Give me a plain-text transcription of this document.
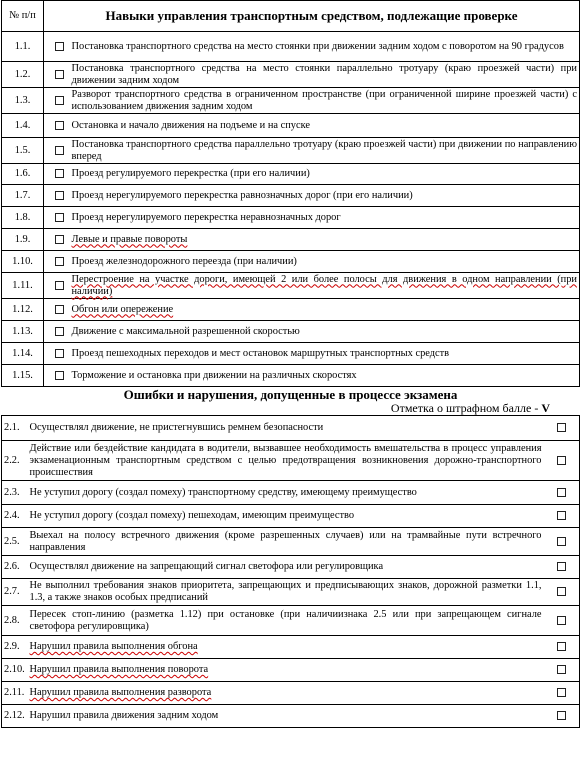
№ п/п	Навыки управления транспортным средством, подлежащие проверке	
1.1.		Постановка транспортного средства на место стоянки при движении задним ходом с поворотом на 90 градусов
1.2.		Постановка транспортного средства на место стоянки параллельно тротуару (краю проезжей части) при движении задним ходом
1.3.		Разворот транспортного средства в ограниченном пространстве (при ограниченной ширине проезжей части) с использованием движения задним ходом
1.4.		Остановка и начало движения на подъеме и на спуске
1.5.		Постановка транспортного средства параллельно тротуару (краю проезжей части) при движении по направлению вперед
1.6.		Проезд регулируемого перекрестка (при его наличии)
1.7.		Проезд нерегулируемого перекрестка равнозначных дорог (при его наличии)
1.8.		Проезд нерегулируемого перекрестка неравнозначных дорог
1.9.		Левые и правые повороты
1.10.		Проезд железнодорожного переезда (при наличии)
1.11.		Перестроение на участке дороги, имеющей 2 или более полосы для движения в одном направлении (при наличии)
1.12.		Обгон или опережение
1.13.		Движение с максимальной разрешенной скоростью
1.14.		Проезд пешеходных переходов и мест остановок маршрутных транспортных средств
1.15.		Торможение и остановка при движении на различных скоростях
Ошибки и нарушения, допущенные в процессе экзамена
Отметка о штрафном балле - V
2.1.	Осуществлял движение, не пристегнувшись ремнем безопасности	
2.2.	Действие или бездействие кандидата в водители, вызвавшее необходимость вмешательства в процесс управления экзаменационным транспортным средством с целью предотвращения возникновения дорожно-транспортного происшествия	
2.3.	Не уступил дорогу (создал помеху) транспортному средству, имеющему преимущество	
2.4.	Не уступил дорогу (создал помеху) пешеходам, имеющим преимущество	
2.5.	Выехал на полосу встречного движения (кроме разрешенных случаев) или на трамвайные пути встречного направления	
2.6.	Осуществлял движение на запрещающий сигнал светофора или регулировщика	
2.7.	Не выполнил требования знаков приоритета, запрещающих и предписывающих знаков, дорожной разметки 1.1, 1.3, а также знаков особых предписаний	
2.8.	Пересек стоп-линию (разметка 1.12) при остановке (при наличиизнака 2.5 или при запрещающем сигнале светофора регулировщика)	
2.9.	Нарушил правила выполнения обгона	
2.10.	Нарушил правила выполнения поворота	
2.11.	Нарушил правила выполнения разворота	
2.12.	Нарушил правила движения задним ходом	
